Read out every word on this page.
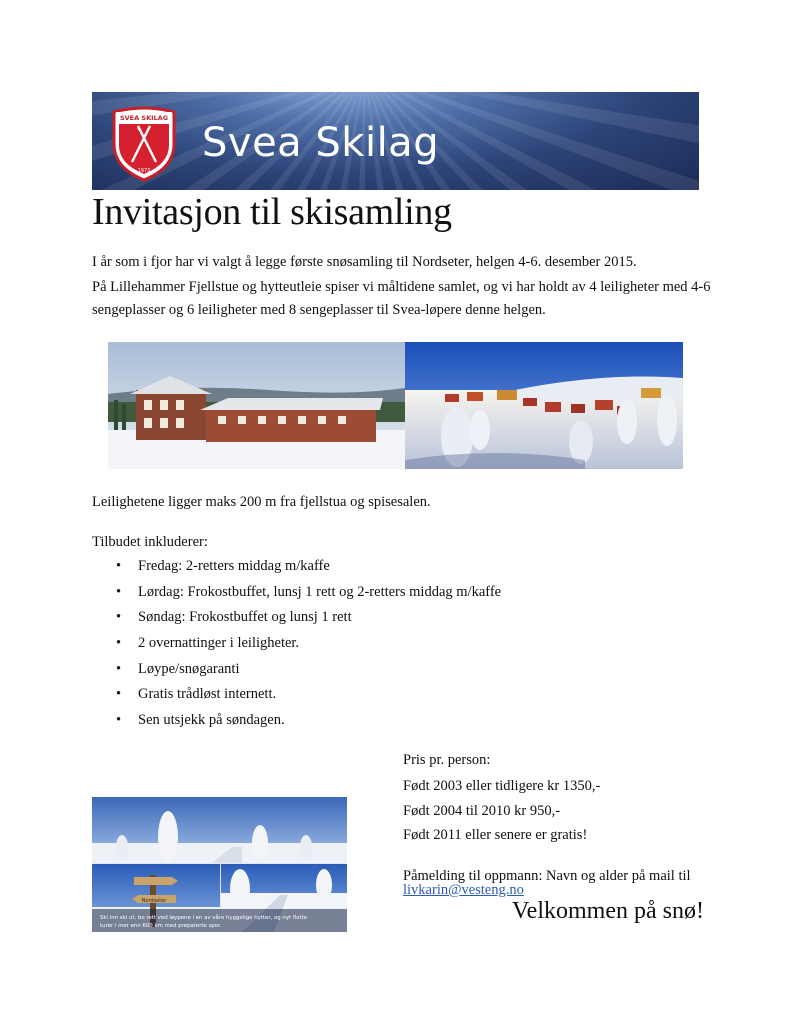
SVEA SKILAG
1973
Svea Skilag
Invitasjon til skisamling

I år som i fjor har vi valgt å legge første snøsamling til Nordseter, helgen 4-6. desember 2015.

På Lillehammer Fjellstue og hytteutleie spiser vi måltidene samlet, og vi har holdt av 4 leiligheter med 4-6

sengeplasser og 6 leiligheter med 8 sengeplasser til Svea-løpere denne helgen.

Leilighetene ligger maks 200 m fra fjellstua og spisesalen.

Tilbudet inkluderer:

• Fredag: 2-retters middag m/kaffe
• Lørdag: Frokostbuffet, lunsj 1 rett og 2-retters middag m/kaffe
• Søndag: Frokostbuffet og lunsj 1 rett
• 2 overnattinger i leiligheter.
• Løype/snøgaranti
• Gratis trådløst internett.
• Sen utsjekk på søndagen.
Pris pr. person:
Født 2003 eller tidligere kr 1350,-
Født 2004 til 2010 kr 950,-
Født 2011 eller senere er gratis!
Påmelding til oppmann: Navn og alder på mail til
livkarin@vesteng.no
Nordseter
Ski inn ski ut, bo rett ved løypene i en av våre hyggelige hytter, og nyt flotte
turer i mer enn 600 km med preparerte spor.
Velkommen på snø!
